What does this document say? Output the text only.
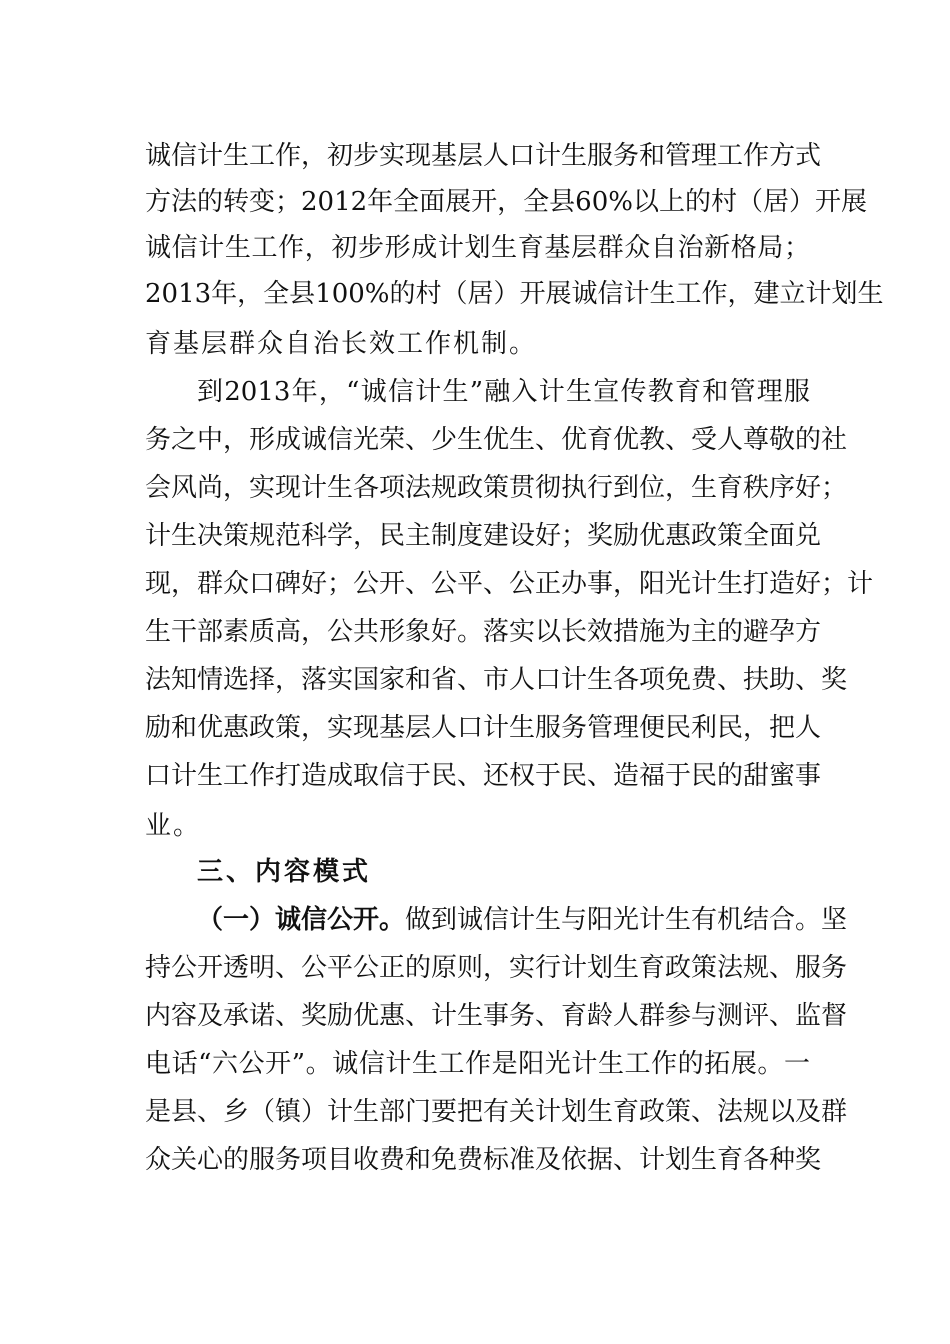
诚信计生工作，初步实现基层人口计生服务和管理工作方式
方法的转变；2012年全面展开，全县60%以上的村（居）开展
诚信计生工作，初步形成计划生育基层群众自治新格局；
2013年，全县100%的村（居）开展诚信计生工作，建立计划生
育基层群众自治长效工作机制。
到2013年，“诚信计生”融入计生宣传教育和管理服
务之中，形成诚信光荣、少生优生、优育优教、受人尊敬的社
会风尚，实现计生各项法规政策贯彻执行到位，生育秩序好；
计生决策规范科学，民主制度建设好；奖励优惠政策全面兑
现，群众口碑好；公开、公平、公正办事，阳光计生打造好；计
生干部素质高，公共形象好。落实以长效措施为主的避孕方
法知情选择，落实国家和省、市人口计生各项免费、扶助、奖
励和优惠政策，实现基层人口计生服务管理便民利民，把人
口计生工作打造成取信于民、还权于民、造福于民的甜蜜事
业。
三、内容模式
（一）诚信公开。做到诚信计生与阳光计生有机结合。坚
持公开透明、公平公正的原则，实行计划生育政策法规、服务
内容及承诺、奖励优惠、计生事务、育龄人群参与测评、监督
电话“六公开”。诚信计生工作是阳光计生工作的拓展。一
是县、乡（镇）计生部门要把有关计划生育政策、法规以及群
众关心的服务项目收费和免费标准及依据、计划生育各种奖
